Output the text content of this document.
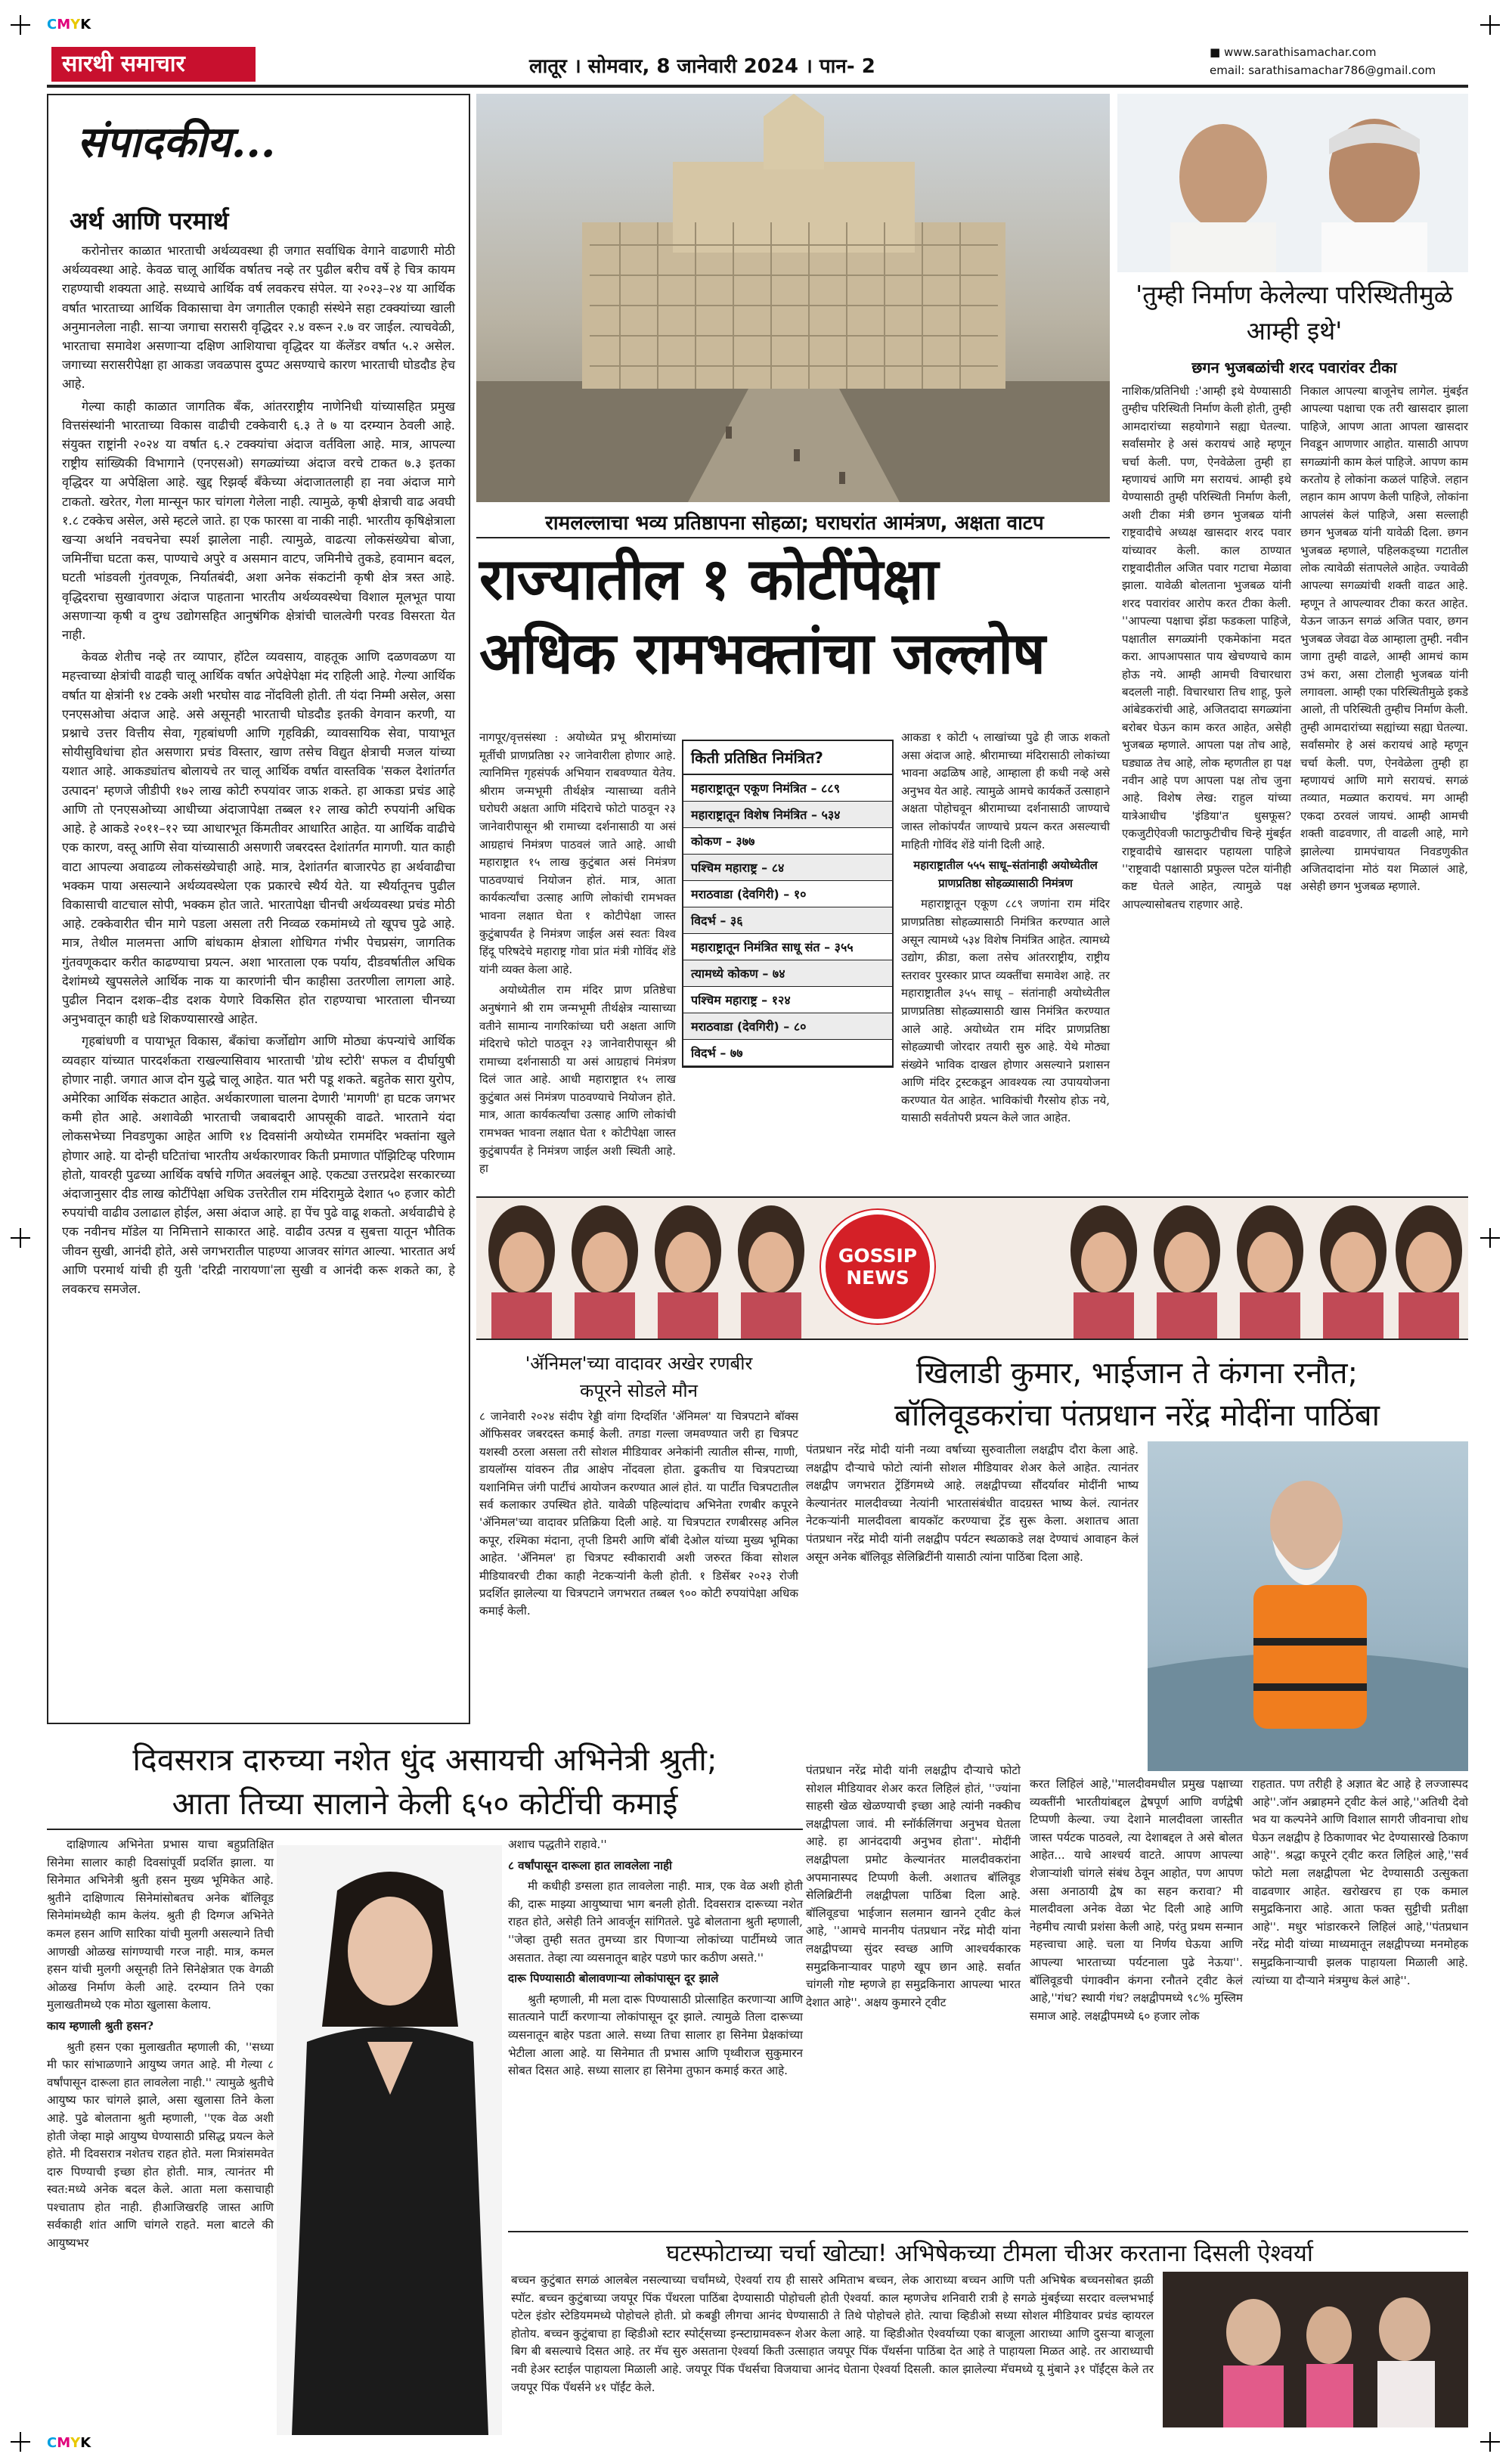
CMYK
CMYK
सारथी समाचार	लातूर । सोमवार, 8 जानेवारी 2024 । पान- 2
■ www.sarathisamachar.com
email: sarathisamachar786@gmail.com
संपादकीय...
अर्थ आणि परमार्थ

करोनोत्तर काळात भारताची अर्थव्यवस्था ही जगात सर्वाधिक वेगाने वाढणारी मोठी अर्थव्यवस्था आहे. केवळ चालू आर्थिक वर्षातच नव्हे तर पुढील बरीच वर्षे हे चित्र कायम राहण्याची शक्यता आहे. सध्याचे आर्थिक वर्ष लवकरच संपेल. या २०२३–२४ या आर्थिक वर्षात भारताच्या आर्थिक विकासाचा वेग जगातील एकाही संस्थेने सहा टक्क्यांच्या खाली अनुमानलेला नाही. साऱ्या जगाचा सरासरी वृद्धिदर २.४ वरून २.७ वर जाईल. त्याचवेळी, भारताचा समावेश असणाऱ्या दक्षिण आशियाचा वृद्धिदर या कॅलेंडर वर्षात ५.२ असेल. जगाच्या सरासरीपेक्षा हा आकडा जवळपास दुप्पट असण्याचे कारण भारताची घोडदौड हेच आहे.

गेल्या काही काळात जागतिक बँक, आंतरराष्ट्रीय नाणेनिधी यांच्यासहित प्रमुख वित्तसंस्थांनी भारताच्या विकास वाढीची टक्केवारी ६.३ ते ७ या दरम्यान ठेवली आहे. संयुक्त राष्ट्रांनी २०२४ या वर्षात ६.२ टक्क्यांचा अंदाज वर्तविला आहे. मात्र, आपल्या राष्ट्रीय सांख्यिकी विभागाने (एनएसओ) सगळ्यांच्या अंदाज वरचे टाकत ७.३ इतका वृद्धिदर या अपेक्षिला आहे. खुद्द रिझर्व्ह बँकेच्या अंदाजातलाही हा नवा अंदाज मागे टाकतो. खरेतर, गेला मान्सून फार चांगला गेलेला नाही. त्यामुळे, कृषी क्षेत्राची वाढ अवघी १.८ टक्केच असेल, असे म्हटले जाते. हा एक फारसा वा नाकी नाही. भारतीय कृषिक्षेत्राला खऱ्या अर्थाने नवचनेचा स्पर्श झालेला नाही. त्यामुळे, वाढत्या लोकसंख्येचा बोजा, जमिनींचा घटता कस, पाण्याचे अपुरे व असमान वाटप, जमिनीचे तुकडे, हवामान बदल, घटती भांडवली गुंतवणूक, निर्यातबंदी, अशा अनेक संकटांनी कृषी क्षेत्र त्रस्त आहे. वृद्धिदराचा सुखावणारा अंदाज पाहताना भारतीय अर्थव्यवस्थेचा विशाल मूलभूत पाया असणाऱ्या कृषी व दुग्ध उद्योगसहित आनुषंगिक क्षेत्रांची चालत्वेगी परवड विसरता येत नाही.

केवळ शेतीच नव्हे तर व्यापार, हॉटेल व्यवसाय, वाहतूक आणि दळणवळण या महत्त्वाच्या क्षेत्रांची वाढही चालू आर्थिक वर्षात अपेक्षेपेक्षा मंद राहिली आहे. गेल्या आर्थिक वर्षात या क्षेत्रांनी १४ टक्के अशी भरघोस वाढ नोंदविली होती. ती यंदा निम्मी असेल, असा एनएसओचा अंदाज आहे. असे असूनही भारताची घोडदौड इतकी वेगवान करणी, या प्रश्नाचे उत्तर वित्तीय सेवा, गृहबांधणी आणि गृहविक्री, व्यावसायिक सेवा, पायाभूत सोयीसुविधांचा होत असणारा प्रचंड विस्तार, खाण तसेच विद्युत क्षेत्राची मजल यांच्या यशात आहे. आकड्यांतच बोलायचे तर चालू आर्थिक वर्षात वास्तविक 'सकल देशांतर्गत उत्पादन' म्हणजे जीडीपी १७२ लाख कोटी रुपयांवर जाऊ शकते. हा आकडा प्रचंड आहे आणि तो एनएसओच्या आधीच्या अंदाजापेक्षा तब्बल १२ लाख कोटी रुपयांनी अधिक आहे. हे आकडे २०११–१२ च्या आधारभूत किंमतीवर आधारित आहेत. या आर्थिक वाढीचे एक कारण, वस्तू आणि सेवा यांच्यासाठी असणारी जबरदस्त देशांतर्गत मागणी. यात काही वाटा आपल्या अवाढव्य लोकसंख्येचाही आहे. मात्र, देशांतर्गत बाजारपेठ हा अर्थवाढीचा भक्कम पाया असल्याने अर्थव्यवस्थेला एक प्रकारचे स्थैर्य येते. या स्थैर्यातूनच पुढील विकासाची वाटचाल सोपी, भक्कम होत जाते. भारतापेक्षा चीनची अर्थव्यवस्था प्रचंड मोठी आहे. टक्केवारीत चीन मागे पडला असला तरी निव्वळ रकमांमध्ये तो खूपच पुढे आहे. मात्र, तेथील मालमत्ता आणि बांधकाम क्षेत्राला शोधिगत गंभीर पेचप्रसंग, जागतिक गुंतवणूकदार करीत काढण्याचा प्रयत्न. अशा भारताला एक पर्याय, दीडवर्षातील अधिक देशांमध्ये खुपसलेले आर्थिक नाक या कारणांनी चीन काहीसा उतरणीला लागला आहे. पुढील निदान दशक–दीड दशक येणारे विकसित होत राहण्याचा भारताला चीनच्या अनुभवातून काही धडे शिकण्यासारखे आहेत.

गृहबांधणी व पायाभूत विकास, बँकांचा कर्जोद्योग आणि मोठ्या कंपन्यांचे आर्थिक व्यवहार यांच्यात पारदर्शकता राखल्यासिवाय भारताची 'ग्रोथ स्टोरी' सफल व दीर्घायुषी होणार नाही. जगात आज दोन युद्धे चालू आहेत. यात भरी पडू शकते. बहुतेक सारा युरोप, अमेरिका आर्थिक संकटात आहेत. अर्थकारणाला चालना देणारी 'मागणी' हा घटक जगभर कमी होत आहे. अशावेळी भारताची जबाबदारी आपसूकी वाढते. भारताने यंदा लोकसभेच्या निवडणुका आहेत आणि १४ दिवसांनी अयोध्येत राममंदिर भक्तांना खुले होणार आहे. या दोन्ही घटितांचा भारतीय अर्थकारणावर किती प्रमाणात पॉझिटिव्ह परिणाम होतो, यावरही पुढच्या आर्थिक वर्षाचे गणित अवलंबून आहे. एकट्या उत्तरप्रदेश सरकारच्या अंदाजानुसार दीड लाख कोटींपेक्षा अधिक उत्तरेतील राम मंदिरामुळे देशात ५० हजार कोटी रुपयांची वाढीव उलाढाल होईल, असा अंदाज आहे. हा पेंच पुढे वाढू शकतो. अर्थवाढीचे हे एक नवीनच मॉडेल या निमित्ताने साकारत आहे. वाढीव उत्पन्न व सुबत्ता यातून भौतिक जीवन सुखी, आनंदी होते, असे जगभरातील पाहण्या आजवर सांगत आल्या. भारतात अर्थ आणि परमार्थ यांची ही युती 'दरिद्री नारायणा'ला सुखी व आनंदी करू शकते का, हे लवकरच समजेल.

'तुम्ही निर्माण केलेल्या परिस्थितीमुळे आम्ही इथे'
छगन भुजबळांची शरद पवारांवर टीका
नाशिक/प्रतिनिधी :'आम्ही इथे येण्यासाठी तुम्हीच परिस्थिती निर्माण केली होती, तुम्ही आमदारांच्या सहयोगाने सह्या घेतल्या. सर्वांसमोर हे असं करायचं आहे म्हणून चर्चा केली. पण, ऐनवेळेला तुम्ही हा म्हणायचं आणि मग सरायचं. आम्ही इथे येण्यासाठी तुम्ही परिस्थिती निर्माण केली, अशी टीका मंत्री छगन भुजबळ यांनी राष्ट्रवादीचे अध्यक्ष खासदार शरद पवार यांच्यावर केली. काल ठाण्यात राष्ट्रवादीतील अजित पवार गटाचा मेळावा झाला. यावेळी बोलताना भुजबळ यांनी शरद पवारांवर आरोप करत टीका केली. ''आपल्या पक्षाचा झेंडा फडकला पाहिजे, पक्षातील सगळ्यांनी एकमेकांना मदत करा. आपआपसात पाय खेचण्याचे काम होऊ नये. आम्ही आमची विचारधारा बदलली नाही. विचारधारा तिच शाहू, फुले आंबेडकरांची आहे, अजितदादा सगळ्यांना बरोबर घेऊन काम करत आहेत, असेही भुजबळ म्हणाले. आपला पक्ष तोच आहे, घड्याळ तेच आहे, लोक म्हणतील हा पक्ष नवीन आहे पण आपला पक्ष तोच जुना आहे. विशेष लेख: राहुल यांच्या यात्रेआधीच 'इंडिया'त धुसफूस? एकजुटीऐवजी फाटाफुटीचीच चिन्हे मुंबईत राष्ट्रवादीचे खासदार पहायला पाहिजे ''राष्ट्रवादी पक्षासाठी प्रफुल्ल पटेल यांनीही कष्ट घेतले आहेत, त्यामुळे पक्ष आपल्यासोबतच राहणार आहे.
निकाल आपल्या बाजूनेच लागेल. मुंबईत आपल्या पक्षाचा एक तरी खासदार झाला पाहिजे, आपण आता आपला खासदार निवडून आणणार आहोत. यासाठी आपण सगळ्यांनी काम केलं पाहिजे. आपण काम करतोय हे लोकांना कळलं पाहिजे. लहान लहान काम आपण केली पाहिजे, लोकांना आपलंसं केलं पाहिजे, असा सल्लाही छगन भुजबळ यांनी यावेळी दिला. छगन भुजबळ म्हणाले, पहिलकड्च्या गटातील लोक त्यावेळी संतापलेले आहेत. ज्यावेळी आपल्या सगळ्यांची शक्ती वाढत आहे. म्हणून ते आपल्यावर टीका करत आहेत. येऊन जाऊन सगळं अजित पवार, छगन भुजबळ जेवढा वेळ आम्हाला तुम्ही. नवीन जागा तुम्ही वाढले, आम्ही आमचं काम उभं करा, असा टोलाही भुजबळ यांनी लगावला. आम्ही एका परिस्थितीमुळे इकडे आलो, ती परिस्थिती तुम्हीच निर्माण केली. तुम्ही आमदारांच्या सह्यांच्या सह्या घेतल्या. सर्वांसमोर हे असं करायचं आहे म्हणून चर्चा केली. पण, ऐनवेळेला तुम्ही हा म्हणायचं आणि मागे सरायचं. सगळं तव्यात, मळ्यात करायचं. मग आम्ही एकदा ठरवलं जायचं. आम्ही आमची शक्ती वाढवणार, ती वाढली आहे, मागे झालेल्या ग्रामपंचायत निवडणुकीत अजितदादांना मोठं यश मिळालं आहे, असेही छगन भुजबळ म्हणाले.
रामलल्लाचा भव्य प्रतिष्ठापना सोहळा; घराघरांत आमंत्रण, अक्षता वाटप
राज्यातील १ कोटींपेक्षा
अधिक रामभक्तांचा जल्लोष

नागपूर/वृत्तसंस्था : अयोध्येत प्रभू श्रीरामांच्या मूर्तीची प्राणप्रतिष्ठा २२ जानेवारीला होणार आहे. त्यानिमित्त गृहसंपर्क अभियान राबवण्यात येतेय. श्रीराम जन्मभूमी तीर्थक्षेत्र न्यासाच्या वतीने घरोघरी अक्षता आणि मंदिराचे फोटो पाठवून २३ जानेवारीपासून श्री रामाच्या दर्शनासाठी या असं आग्रहाचं निमंत्रण पाठवलं जाते आहे. आधी महाराष्ट्रात १५ लाख कुटुंबात असं निमंत्रण पाठवण्याचं नियोजन होतं. मात्र, आता कार्यकर्त्यांचा उत्साह आणि लोकांची रामभक्त भावना लक्षात घेता १ कोटीपेक्षा जास्त कुटुंबापर्यंत हे निमंत्रण जाईल असं स्वतः विश्व हिंदू परिषदेचे महाराष्ट्र गोवा प्रांत मंत्री गोविंद शेंडे यांनी व्यक्त केला आहे.

अयोध्येतील राम मंदिर प्राण प्रतिष्ठेचा अनुषंगाने श्री राम जन्मभूमी तीर्थक्षेत्र न्यासाच्या वतीने सामान्य नागरिकांच्या घरी अक्षता आणि मंदिराचे फोटो पाठवून २३ जानेवारीपासून श्री रामाच्या दर्शनासाठी या असं आग्रहाचं निमंत्रण दिलं जात आहे. आधी महाराष्ट्रात १५ लाख कुटुंबात असं निमंत्रण पाठवण्याचे नियोजन होते. मात्र, आता कार्यकर्त्यांचा उत्साह आणि लोकांची रामभक्त भावना लक्षात घेता १ कोटीपेक्षा जास्त कुटुंबापर्यंत हे निमंत्रण जाईल अशी स्थिती आहे. हा

किती प्रतिष्ठित निमंत्रित?
महाराष्ट्रातून एकूण निमंत्रित – ८८९
महाराष्ट्रातून विशेष निमंत्रित – ५३४
कोकण – ३७७
पश्चिम महाराष्ट्र – ८४
मराठवाडा (देवगिरी) – १०
विदर्भ – ३६
महाराष्ट्रातून निमंत्रित साधू संत – ३५५
त्यामध्ये कोकण – ७४
पश्चिम महाराष्ट्र – १२४
मराठवाडा (देवगिरी) – ८०
विदर्भ – ७७

आकडा १ कोटी ५ लाखांच्या पुढे ही जाऊ शकतो असा अंदाज आहे. श्रीरामाच्या मंदिरासाठी लोकांच्या भावना अढळिष आहे, आम्हाला ही कधी नव्हे असे अनुभव येत आहे. त्यामुळे आमचे कार्यकर्ते उत्साहाने अक्षता पोहोचवून श्रीरामाच्या दर्शनासाठी जाण्याचे जास्त लोकांपर्यंत जाण्याचे प्रयत्न करत असल्याची माहिती गोविंद शेंडे यांनी दिली आहे.

महाराष्ट्रातील ५५५ साधू–संतांनाही अयोध्येतील प्राणप्रतिष्ठा सोहळ्यासाठी निमंत्रण

महाराष्ट्रातून एकूण ८८९ जणांना राम मंदिर प्राणप्रतिष्ठा सोहळ्यासाठी निमंत्रित करण्यात आले असून त्यामध्ये ५३४ विशेष निमंत्रित आहेत. त्यामध्ये उद्योग, क्रीडा, कला तसेच आंतरराष्ट्रीय, राष्ट्रीय स्तरावर पुरस्कार प्राप्त व्यक्तींचा समावेश आहे. तर महाराष्ट्रातील ३५५ साधू – संतांनाही अयोध्येतील प्राणप्रतिष्ठा सोहळ्यासाठी खास निमंत्रित करण्यात आले आहे. अयोध्येत राम मंदिर प्राणप्रतिष्ठा सोहळ्याची जोरदार तयारी सुरु आहे. येथे मोठ्या संख्येने भाविक दाखल होणार असल्याने प्रशासन आणि मंदिर ट्रस्टकडून आवश्यक त्या उपाययोजना करण्यात येत आहेत. भाविकांची गैरसोय होऊ नये, यासाठी सर्वतोपरी प्रयत्न केले जात आहेत.

GOSSIP
NEWS
'ॲनिमल'च्या वादावर अखेर रणबीर
कपूरने सोडले मौन
८ जानेवारी २०२४ संदीप रेड्डी वांगा दिग्दर्शित 'ॲनिमल' या चित्रपटाने बॉक्स ऑफिसवर जबरदस्त कमाई केली. तगडा गल्ला जमवण्यात जरी हा चित्रपट यशस्वी ठरला असला तरी सोशल मीडियावर अनेकांनी त्यातील सीन्स, गाणी, डायलॉग्स यांवरुन तीव्र आक्षेप नोंदवला होता. ढुकतीच या चित्रपटाच्या यशानिमित्त जंगी पार्टीचं आयोजन करण्यात आलं होतं. या पार्टीत चित्रपटातील सर्व कलाकार उपस्थित होते. यावेळी पहिल्यांदाच अभिनेता रणबीर कपूरने 'ॲनिमल'च्या वादावर प्रतिक्रिया दिली आहे. या चित्रपटात रणबीरसह अनिल कपूर, रश्मिका मंदाना, तृप्ती डिमरी आणि बॉबी देओल यांच्या मुख्य भूमिका आहेत. 'ॲनिमल' हा चित्रपट स्वीकारावी अशी जरुरत किंवा सोशल मीडियावरची टीका काही नेटकऱ्यांनी केली होती. १ डिसेंबर २०२३ रोजी प्रदर्शित झालेल्या या चित्रपटाने जगभरात तब्बल ९०० कोटी रुपयांपेक्षा अधिक कमाई केली.
खिलाडी कुमार, भाईजान ते कंगना रनौत;
बॉलिवूडकरांचा पंतप्रधान नरेंद्र मोदींना पाठिंबा
पंतप्रधान नरेंद्र मोदी यांनी नव्या वर्षाच्या सुरुवातीला लक्षद्वीप दौरा केला आहे. लक्षद्वीप दौऱ्याचे फोटो त्यांनी सोशल मीडियावर शेअर केले आहेत. त्यानंतर लक्षद्वीप जगभरात ट्रेंडिंगमध्ये आहे. लक्षद्वीपच्या सौंदर्यावर मोदींनी भाष्य केल्यानंतर मालदीवच्या नेत्यांनी भारतासंबंधीत वादग्रस्त भाष्य केलं. त्यानंतर नेटकऱ्यांनी मालदीवला बायकॉट करण्याचा ट्रेंड सुरू केला. अशातच आता पंतप्रधान नरेंद्र मोदी यांनी लक्षद्वीप पर्यटन स्थळाकडे लक्ष देण्याचं आवाहन केलं असून अनेक बॉलिवूड सेलिब्रिटींनी यासाठी त्यांना पाठिंबा दिला आहे.
पंतप्रधान नरेंद्र मोदी यांनी लक्षद्वीप दौऱ्याचे फोटो सोशल मीडियावर शेअर करत लिहिलं होतं, ''ज्यांना साहसी खेळ खेळण्याची इच्छा आहे त्यांनी नक्कीच लक्षद्वीपला जावं. मी स्नॉर्कलिंगचा अनुभव घेतला आहे. हा आनंददायी अनुभव होता''. मोदींनी लक्षद्वीपला प्रमोट केल्यानंतर मालदीवकरांना अपमानास्पद टिप्पणी केली. अशातच बॉलिवूड सेलिब्रिटींनी लक्षद्वीपला पाठिंबा दिला आहे. बॉलिवूडचा भाईजान सलमान खानने ट्वीट केलं आहे, ''आमचे माननीय पंतप्रधान नरेंद्र मोदी यांना लक्षद्वीपच्या सुंदर स्वच्छ आणि आश्चर्यकारक समुद्रकिनाऱ्यावर पाहणे खूप छान आहे. सर्वात चांगली गोष्ट म्हणजे हा समुद्रकिनारा आपल्या भारत देशात आहे''. अक्षय कुमारने ट्वीट
करत लिहिलं आहे,''मालदीवमधील प्रमुख पक्षाच्या व्यक्तींनी भारतीयांबद्दल द्वेषपूर्ण आणि वर्णद्वेषी टिप्पणी केल्या. ज्या देशाने मालदीवला जास्तीत जास्त पर्यटक पाठवले, त्या देशाबद्दल ते असे बोलत आहेत... याचे आश्चर्य वाटते. आपण आपल्या शेजाऱ्यांशी चांगले संबंध ठेवून आहोत, पण आपण असा अनाठायी द्वेष का सहन करावा? मी मालदीवला अनेक वेळा भेट दिली आहे आणि नेहमीच त्याची प्रशंसा केली आहे, परंतु प्रथम सन्मान महत्त्वाचा आहे. चला या निर्णय घेऊया आणि आपल्या भारताच्या पर्यटनाला पुढे नेऊया''. बॉलिवूडची पंगाक्वीन कंगना रनौतने ट्वीट केलं आहे,''गंध? स्थायी गंध? लक्षद्वीपमध्ये ९८% मुस्लिम समाज आहे. लक्षद्वीपमध्ये ६० हजार लोक
राहतात. पण तरीही हे अज्ञात बेट आहे हे लज्जास्पद आहे''.जॉन अब्राहमने ट्वीट केलं आहे,''अतिथी देवो भव या कल्पनेने आणि विशाल सागरी जीवनाचा शोध घेऊन लक्षद्वीप हे ठिकाणावर भेट देण्यासारखे ठिकाण आहे''. श्रद्धा कपूरने ट्वीट करत लिहिलं आहे,''सर्व फोटो मला लक्षद्वीपला भेट देण्यासाठी उत्सुकता वाढवणार आहेत. खरोखरच हा एक कमाल समुद्रकिनारा आहे. आता फक्त सुट्टीची प्रतीक्षा आहे''. मधुर भांडारकरने लिहिलं आहे,''पंतप्रधान नरेंद्र मोदी यांच्या माध्यमातून लक्षद्वीपच्या मनमोहक समुद्रकिनाऱ्याची झलक पाहायला मिळाली आहे. त्यांच्या या दौऱ्याने मंत्रमुग्ध केलं आहे''.
दिवसरात्र दारुच्या नशेत धुंद असायची अभिनेत्री श्रुती;
आता तिच्या सालाने केली ६५० कोटींची कमाई

दाक्षिणात्य अभिनेता प्रभास याचा बहुप्रतिक्षित सिनेमा सालार काही दिवसांपूर्वी प्रदर्शित झाला. या सिनेमात अभिनेत्री श्रुती हसन मुख्य भूमिकेत आहे. श्रुतीने दाक्षिणात्य सिनेमांसोबतच अनेक बॉलिवूड सिनेमांमध्येही काम केलंय. श्रुती ही दिग्गज अभिनेते कमल हसन आणि सारिका यांची मुलगी असल्याने तिची आणखी ओळख सांगण्याची गरज नाही. मात्र, कमल हसन यांची मुलगी असूनही तिने सिनेक्षेत्रात एक वेगळी ओळख निर्माण केली आहे. दरम्यान तिने एका मुलाखतीमध्ये एक मोठा खुलासा केलाय.

काय म्हणाली श्रुती हसन?

श्रुती हसन एका मुलाखतीत म्हणाली की, ''सध्या मी फार सांभाळणाने आयुष्य जगत आहे. मी गेल्या ८ वर्षांपासून दारूला हात लावलेला नाही.'' त्यामुळे श्रुतीचे आयुष्य फार चांगले झाले, असा खुलासा तिने केला आहे. पुढे बोलताना श्रुती म्हणाली, ''एक वेळ अशी होती जेव्हा माझे आयुष्य घेण्यासाठी प्रसिद्ध प्रयत्न केले होते. मी दिवसरात्र नशेतच राहत होते. मला मित्रांसमवेत दारु पिण्याची इच्छा होत होती. मात्र, त्यानंतर मी स्वत:मध्ये अनेक बदल केले. आता मला कसाचाही पश्चाताप होत नाही. हीआजिखरहि जास्त आणि सर्वकाही शांत आणि चांगले राहते. मला बाटले की आयुष्यभर

अशाच पद्धतीने राहावे.''

८ वर्षांपासून दारूला हात लावलेला नाही

मी कधीही डग्सला हात लावलेला नाही. मात्र, एक वेळ अशी होती की, दारू माझ्या आयुष्याचा भाग बनली होती. दिवसरात्र दारूच्या नशेत राहत होते, असेही तिने आवर्जून सांगितले. पुढे बोलताना श्रुती म्हणाली, ''जेव्हा तुम्ही सतत तुमच्या डार पिणाऱ्या लोकांच्या पार्टीमध्ये जात असतात. तेव्हा त्या व्यसनातून बाहेर पडणे फार कठीण असते.''

दारू पिण्यासाठी बोलावणाऱ्या लोकांपासून दूर झाले

श्रुती म्हणाली, मी मला दारू पिण्यासाठी प्रोत्साहित करणाऱ्या आणि सातत्याने पार्टी करणाऱ्या लोकांपासून दूर झाले. त्यामुळे तिला दारूच्या व्यसनातून बाहेर पडता आले. सध्या तिचा सालार हा सिनेमा प्रेक्षकांच्या भेटीला आला आहे. या सिनेमात ती प्रभास आणि पृथ्वीराज सुकुमारन सोबत दिसत आहे. सध्या सालार हा सिनेमा तुफान कमाई करत आहे.

घटस्फोटाच्या चर्चा खोट्या! अभिषेकच्या टीमला चीअर करताना दिसली ऐश्वर्या
बच्चन कुटुंबात सगळं आलबेल नसल्याच्या चर्चांमध्ये, ऐश्वर्या राय ही सासरे अमिताभ बच्चन, लेक आराध्या बच्चन आणि पती अभिषेक बच्चनसोबत झळी स्पॉट. बच्चन कुटुंबाच्या जयपूर पिंक पॅंथरला पाठिंबा देण्यासाठी पोहोचली होती ऐश्वर्या. काल म्हणजेच शनिवारी रात्री हे सगळे मुंबईच्या सरदार वल्लभभाई पटेल इंडोर स्टेडियममध्ये पोहोचले होती. प्रो कबड्डी लीगचा आनंद घेण्यासाठी ते तिथे पोहोचले होते. त्याचा व्हिडीओ सध्या सोशल मीडियावर प्रचंड व्हायरल होतोय. बच्चन कुटुंबाचा हा व्हिडीओ स्टार स्पोर्ट्सच्या इन्स्टाग्रामवरून शेअर केला आहे. या व्हिडीओत ऐश्वर्याच्या एका बाजूला आराध्या आणि दुसऱ्या बाजूला बिग बी बसल्याचे दिसत आहे. तर मॅच सुरु असताना ऐश्वर्या किती उत्साहात जयपूर पिंक पॅंथर्सना पाठिंबा देत आहे ते पाहायला मिळत आहे. तर आराध्याची नवी हेअर स्टाईल पाहायला मिळाली आहे. जयपूर पिंक पॅंथर्सचा विजयाचा आनंद घेताना ऐश्वर्या दिसली. काल झालेल्या मॅचमध्ये यू मुंबाने ३१ पॉईंट्स केले तर जयपूर पिंक पॅंथर्सने ४१ पॉईंट केले.
